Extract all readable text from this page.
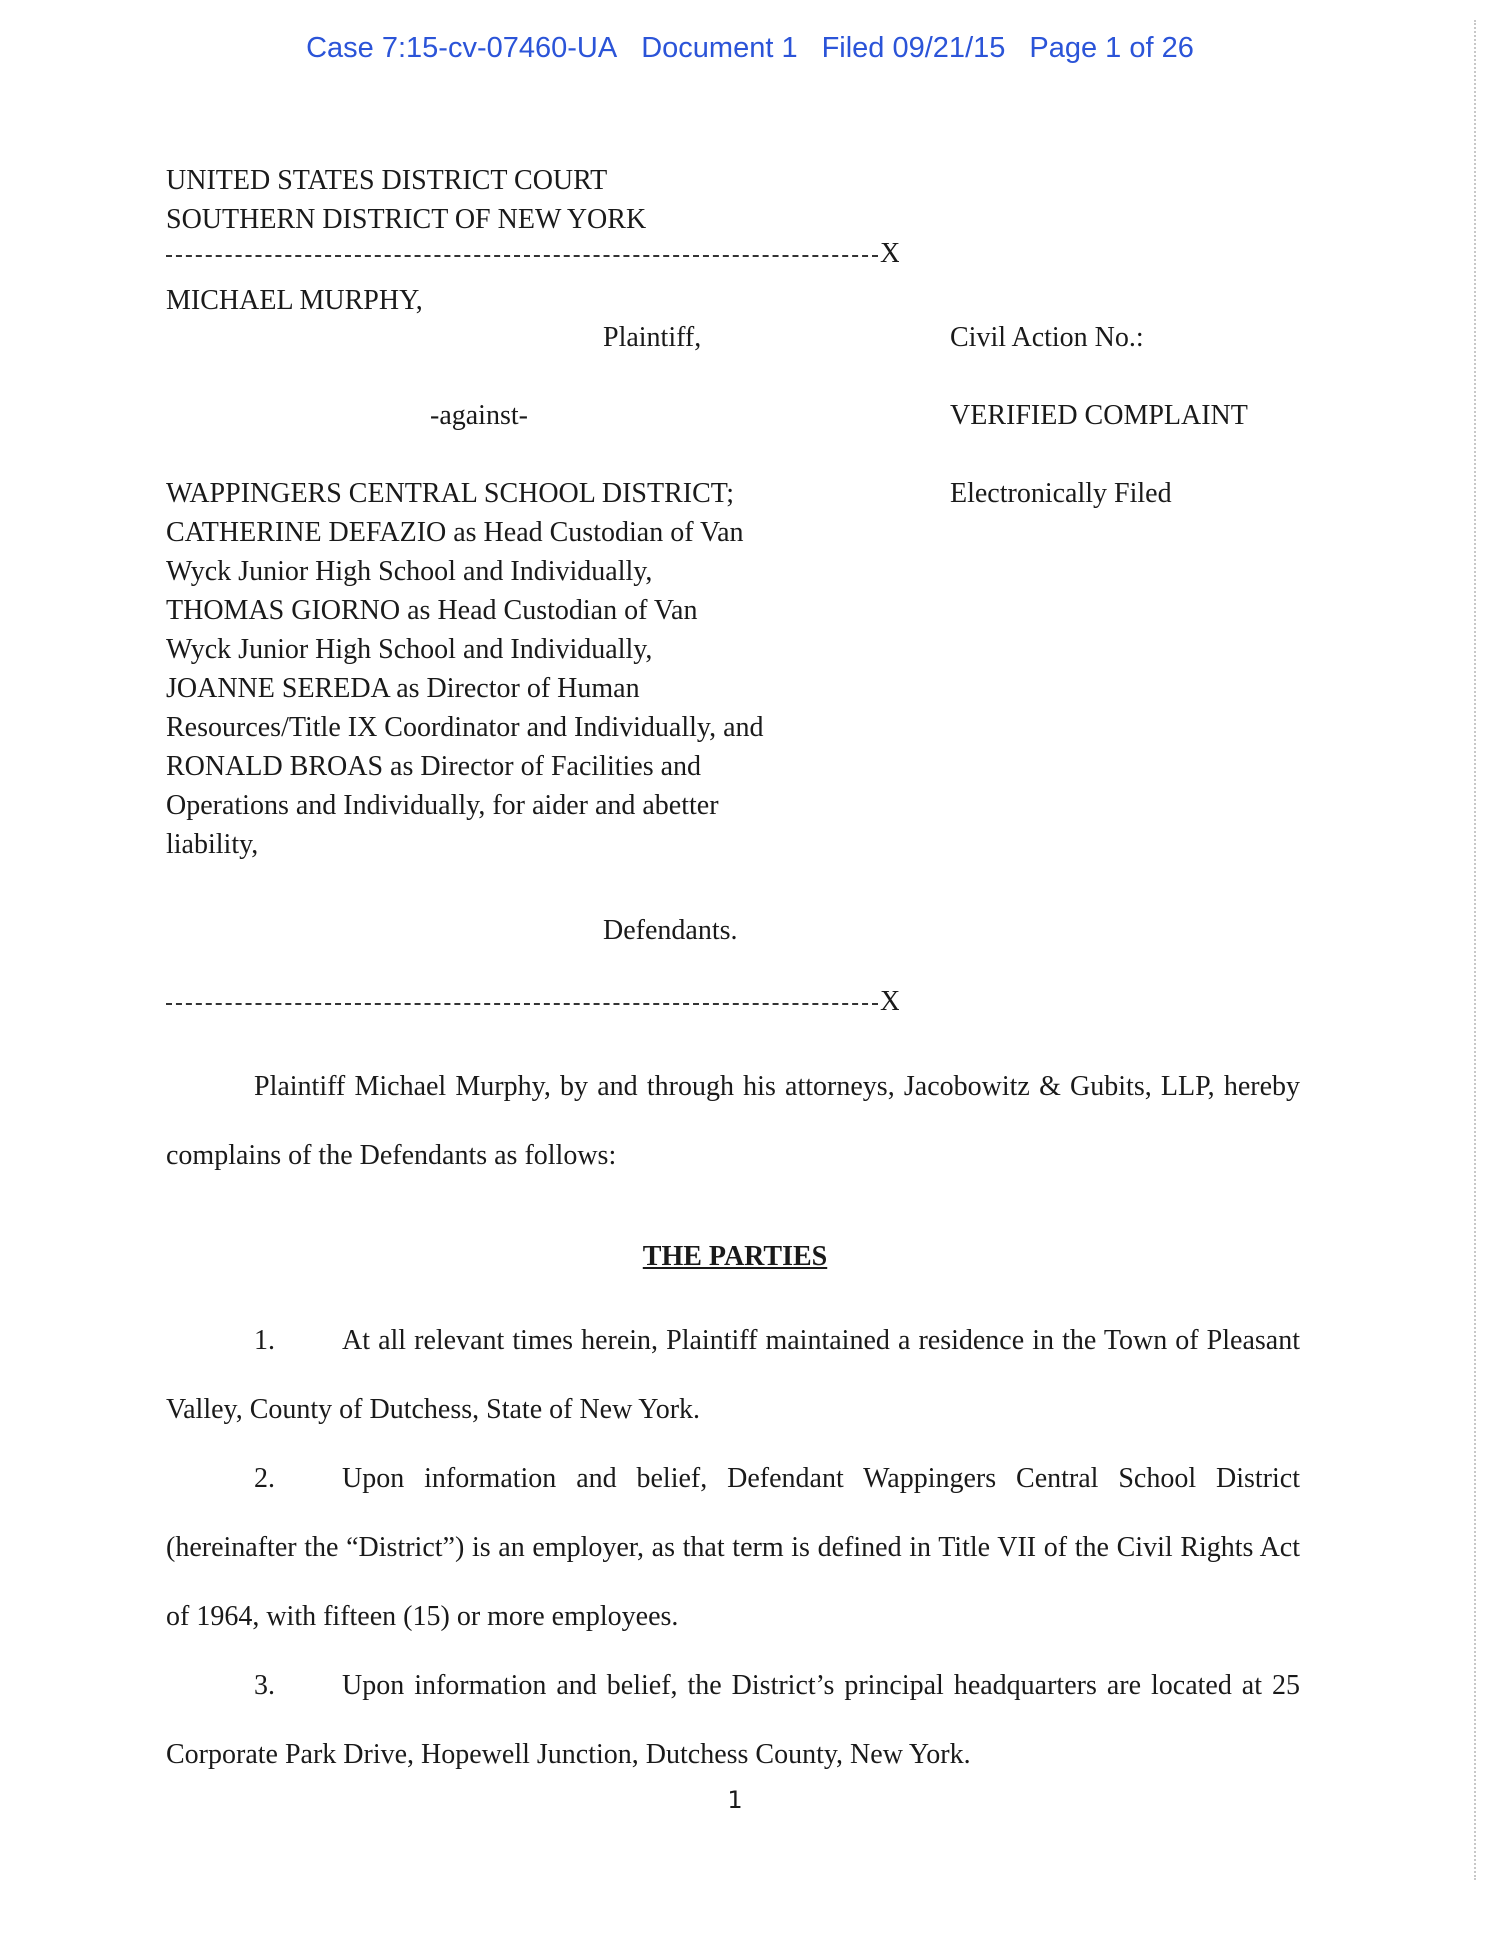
Case 7:15-cv-07460-UA Document 1 Filed 09/21/15 Page 1 of 26
UNITED STATES DISTRICT COURT
SOUTHERN DISTRICT OF NEW YORK
X
MICHAEL MURPHY,
Plaintiff,	Civil Action No.:
-against-	VERIFIED COMPLAINT
WAPPINGERS CENTRAL SCHOOL DISTRICT;
CATHERINE DEFAZIO as Head Custodian of Van
Wyck Junior High School and Individually,
THOMAS GIORNO as Head Custodian of Van
Wyck Junior High School and Individually,
JOANNE SEREDA as Director of Human
Resources/Title IX Coordinator and Individually, and
RONALD BROAS as Director of Facilities and
Operations and Individually, for aider and abetter
liability,
Electronically Filed
Defendants.
X
Plaintiff Michael Murphy, by and through his attorneys, Jacobowitz & Gubits, LLP, hereby complains of the Defendants as follows:
THE PARTIES
1. At all relevant times herein, Plaintiff maintained a residence in the Town of Pleasant Valley, County of Dutchess, State of New York.
2. Upon information and belief, Defendant Wappingers Central School District (hereinafter the “District”) is an employer, as that term is defined in Title VII of the Civil Rights Act of 1964, with fifteen (15) or more employees.
3. Upon information and belief, the District’s principal headquarters are located at 25 Corporate Park Drive, Hopewell Junction, Dutchess County, New York.
1
